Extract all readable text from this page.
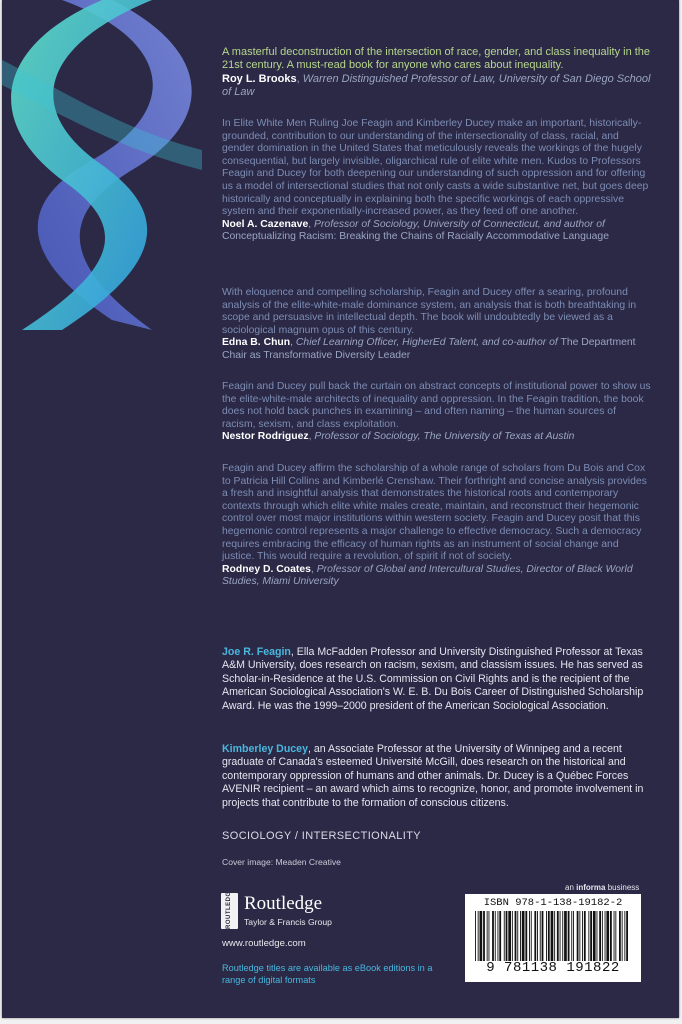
A masterful deconstruction of the intersection of race, gender, and class inequality in the 21st century. A must-read book for anyone who cares about inequality.
Roy L. Brooks, Warren Distinguished Professor of Law, University of San Diego School of Law
In Elite White Men Ruling Joe Feagin and Kimberley Ducey make an important, historically-grounded, contribution to our understanding of the intersectionality of class, racial, and gender domination in the United States that meticulously reveals the workings of the hugely consequential, but largely invisible, oligarchical rule of elite white men. Kudos to Professors Feagin and Ducey for both deepening our understanding of such oppression and for offering us a model of intersectional studies that not only casts a wide substantive net, but goes deep historically and conceptually in explaining both the specific workings of each oppressive system and their exponentially-increased power, as they feed off one another.
Noel A. Cazenave, Professor of Sociology, University of Connecticut, and author of Conceptualizing Racism: Breaking the Chains of Racially Accommodative Language
With eloquence and compelling scholarship, Feagin and Ducey offer a searing, profound analysis of the elite-white-male dominance system, an analysis that is both breathtaking in scope and persuasive in intellectual depth. The book will undoubtedly be viewed as a sociological magnum opus of this century.
Edna B. Chun, Chief Learning Officer, HigherEd Talent, and co-author of The Department Chair as Transformative Diversity Leader
Feagin and Ducey pull back the curtain on abstract concepts of institutional power to show us the elite-white-male architects of inequality and oppression. In the Feagin tradition, the book does not hold back punches in examining – and often naming – the human sources of racism, sexism, and class exploitation.
Nestor Rodriguez, Professor of Sociology, The University of Texas at Austin
Feagin and Ducey affirm the scholarship of a whole range of scholars from Du Bois and Cox to Patricia Hill Collins and Kimberlé Crenshaw. Their forthright and concise analysis provides a fresh and insightful analysis that demonstrates the historical roots and contemporary contexts through which elite white males create, maintain, and reconstruct their hegemonic control over most major institutions within western society. Feagin and Ducey posit that this hegemonic control represents a major challenge to effective democracy. Such a democracy requires embracing the efficacy of human rights as an instrument of social change and justice. This would require a revolution, of spirit if not of society.
Rodney D. Coates, Professor of Global and Intercultural Studies, Director of Black World Studies, Miami University
Joe R. Feagin, Ella McFadden Professor and University Distinguished Professor at Texas A&M University, does research on racism, sexism, and classism issues. He has served as Scholar-in-Residence at the U.S. Commission on Civil Rights and is the recipient of the American Sociological Association's W. E. B. Du Bois Career of Distinguished Scholarship Award. He was the 1999–2000 president of the American Sociological Association.
Kimberley Ducey, an Associate Professor at the University of Winnipeg and a recent graduate of Canada's esteemed Université McGill, does research on the historical and contemporary oppression of humans and other animals. Dr. Ducey is a Québec Forces AVENIR recipient – an award which aims to recognize, honor, and promote involvement in projects that contribute to the formation of conscious citizens.
SOCIOLOGY / INTERSECTIONALITY
Cover image: Meaden Creative
an informa business
ROUTLEDGE Routledge
Taylor & Francis Group
www.routledge.com
Routledge titles are available as eBook editions in a range of digital formats
ISBN 978-1-138-19182-2
9 781138 191822
